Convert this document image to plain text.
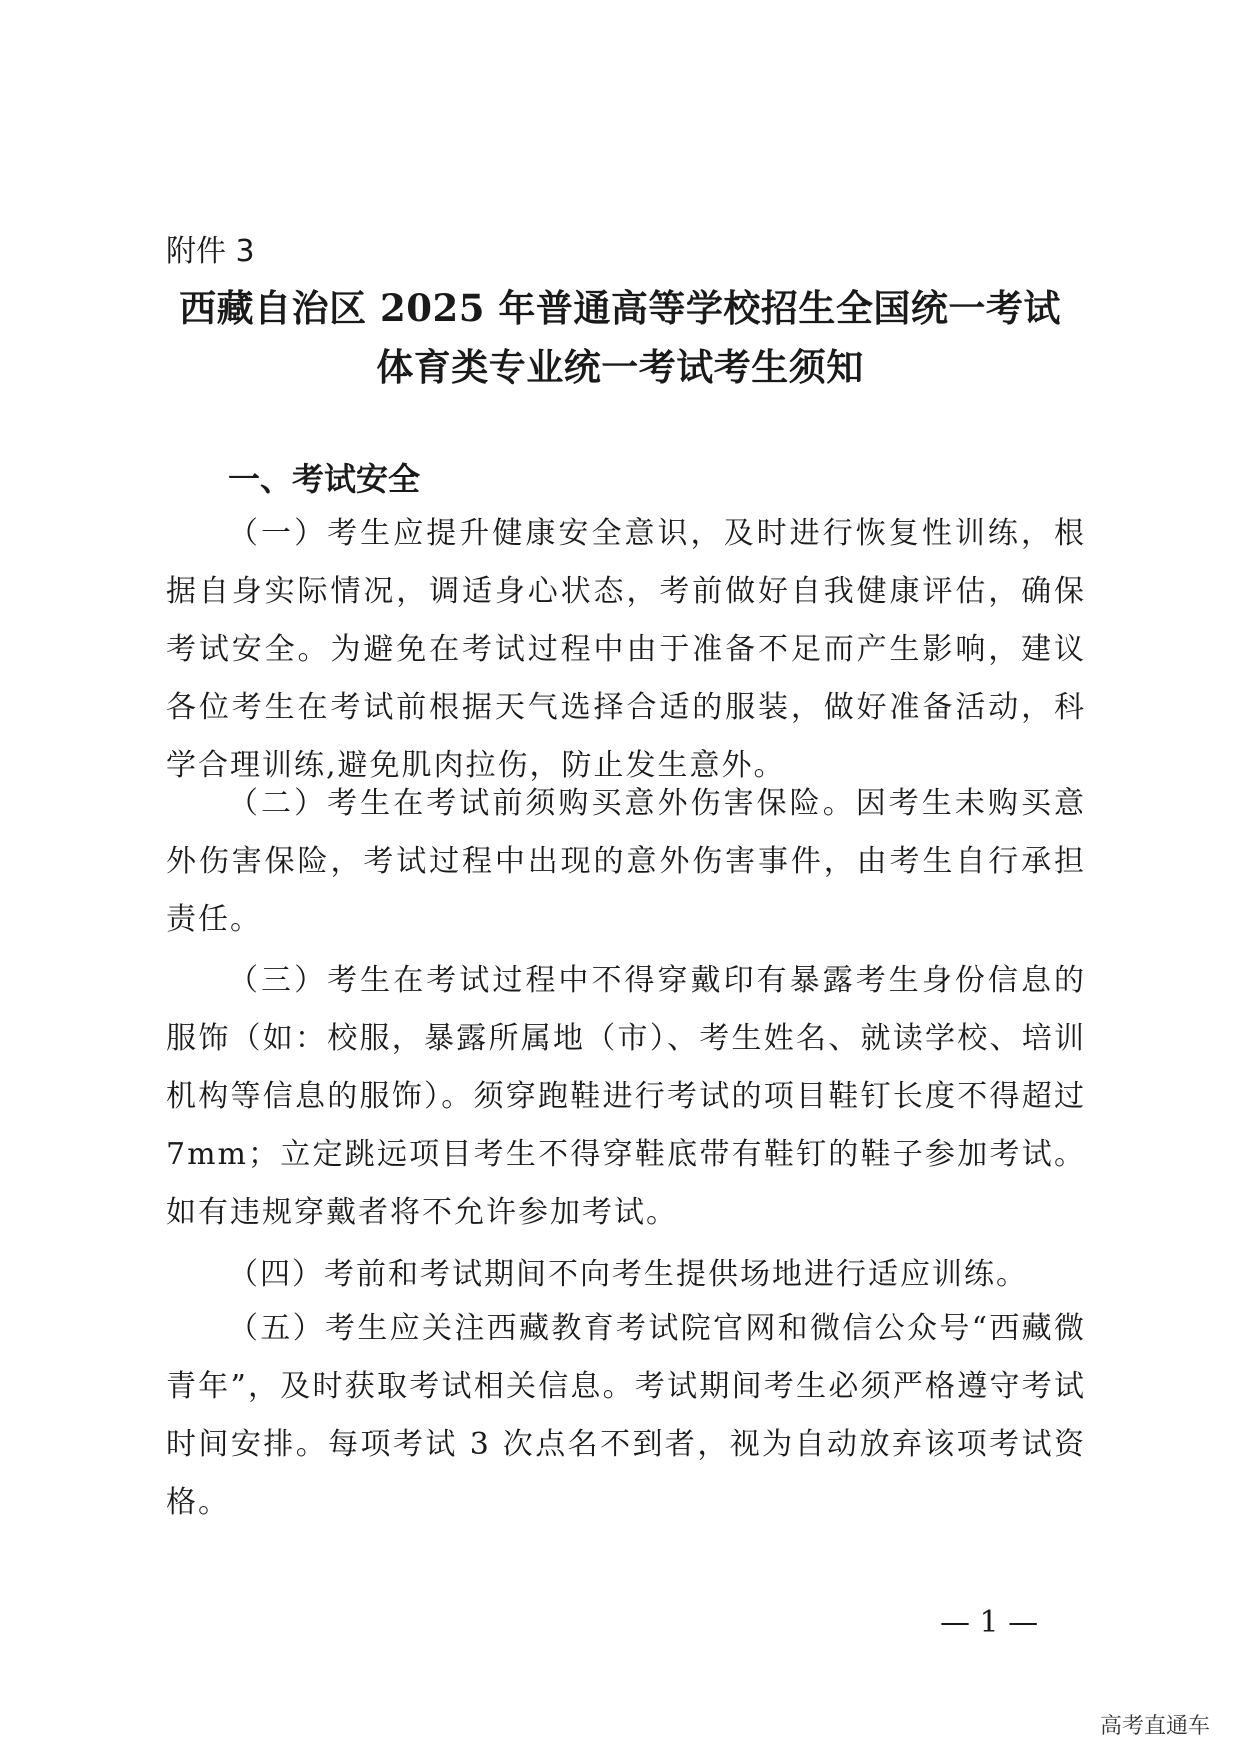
附件 3
西藏自治区 2025 年普通高等学校招生全国统一考试
体育类专业统一考试考生须知
一、考试安全
（一）考生应提升健康安全意识，及时进行恢复性训练，根据自身实际情况，调适身心状态，考前做好自我健康评估，确保考试安全。为避免在考试过程中由于准备不足而产生影响，建议各位考生在考试前根据天气选择合适的服装，做好准备活动，科学合理训练,避免肌肉拉伤，防止发生意外。
（二）考生在考试前须购买意外伤害保险。因考生未购买意外伤害保险，考试过程中出现的意外伤害事件，由考生自行承担责任。
（三）考生在考试过程中不得穿戴印有暴露考生身份信息的服饰（如：校服，暴露所属地（市）、考生姓名、就读学校、培训机构等信息的服饰）。须穿跑鞋进行考试的项目鞋钉长度不得超过 7mm；立定跳远项目考生不得穿鞋底带有鞋钉的鞋子参加考试。如有违规穿戴者将不允许参加考试。
（四）考前和考试期间不向考生提供场地进行适应训练。
（五）考生应关注西藏教育考试院官网和微信公众号“西藏微青年”，及时获取考试相关信息。考试期间考生必须严格遵守考试时间安排。每项考试 3 次点名不到者，视为自动放弃该项考试资格。
— 1 —
高考直通车
